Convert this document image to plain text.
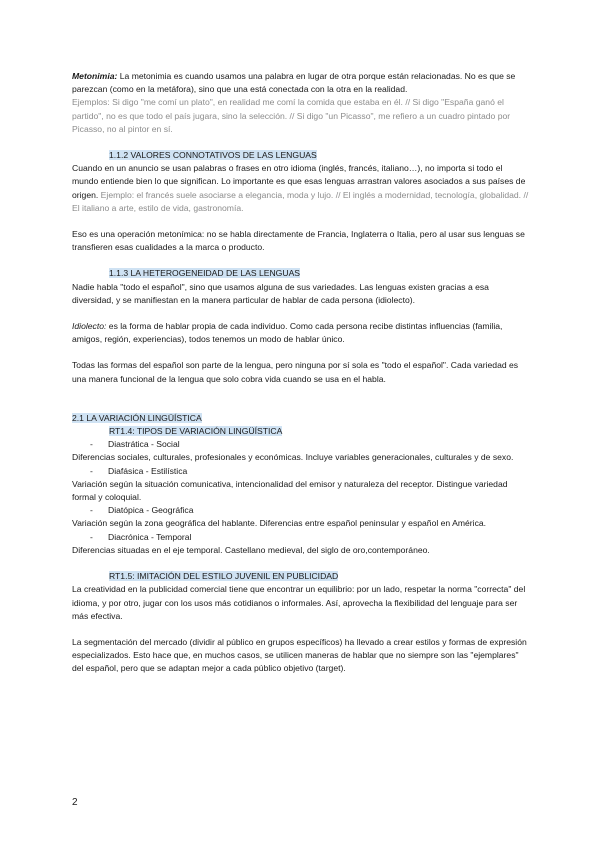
Metonimia: La metonimia es cuando usamos una palabra en lugar de otra porque están relacionadas. No es que se parezcan (como en la metáfora), sino que una está conectada con la otra en la realidad.

Ejemplos: Si digo "me comí un plato", en realidad me comí la comida que estaba en él. // Si digo "España ganó el partido", no es que todo el país jugara, sino la selección. // Si digo "un Picasso", me refiero a un cuadro pintado por Picasso, no al pintor en sí.

1.1.2 VALORES CONNOTATIVOS DE LAS LENGUAS

Cuando en un anuncio se usan palabras o frases en otro idioma (inglés, francés, italiano…), no importa si todo el mundo entiende bien lo que significan. Lo importante es que esas lenguas arrastran valores asociados a sus países de origen. Ejemplo: el francés suele asociarse a elegancia, moda y lujo. // El inglés a modernidad, tecnología, globalidad. // El italiano a arte, estilo de vida, gastronomía.

Eso es una operación metonímica: no se habla directamente de Francia, Inglaterra o Italia, pero al usar sus lenguas se transfieren esas cualidades a la marca o producto.

1.1.3 LA HETEROGENEIDAD DE LAS LENGUAS

Nadie habla "todo el español", sino que usamos alguna de sus variedades. Las lenguas existen gracias a esa diversidad, y se manifiestan en la manera particular de hablar de cada persona (idiolecto).

Idiolecto: es la forma de hablar propia de cada individuo. Como cada persona recibe distintas influencias (familia, amigos, región, experiencias), todos tenemos un modo de hablar único.

Todas las formas del español son parte de la lengua, pero ninguna por sí sola es "todo el español". Cada variedad es una manera funcional de la lengua que solo cobra vida cuando se usa en el habla.

2.1 LA VARIACIÓN LINGÜÍSTICA

RT1.4: TIPOS DE VARIACIÓN LINGÜÍSTICA

-	Diastrática - Social

Diferencias sociales, culturales, profesionales y económicas. Incluye variables generacionales, culturales y de sexo.

-	Diafásica - Estilística

Variación según la situación comunicativa, intencionalidad del emisor y naturaleza del receptor. Distingue variedad formal y coloquial.

-	Diatópica - Geográfica

Variación según la zona geográfica del hablante. Diferencias entre español peninsular y español en América.

-	Diacrónica - Temporal

Diferencias situadas en el eje temporal. Castellano medieval, del siglo de oro,contemporáneo.

RT1.5: IMITACIÓN DEL ESTILO JUVENIL EN PUBLICIDAD

La creatividad en la publicidad comercial tiene que encontrar un equilibrio: por un lado, respetar la norma "correcta" del idioma, y por otro, jugar con los usos más cotidianos o informales. Así, aprovecha la flexibilidad del lenguaje para ser más efectiva.

La segmentación del mercado (dividir al público en grupos específicos) ha llevado a crear estilos y formas de expresión especializados. Esto hace que, en muchos casos, se utilicen maneras de hablar que no siempre son las "ejemplares" del español, pero que se adaptan mejor a cada público objetivo (target).

2
